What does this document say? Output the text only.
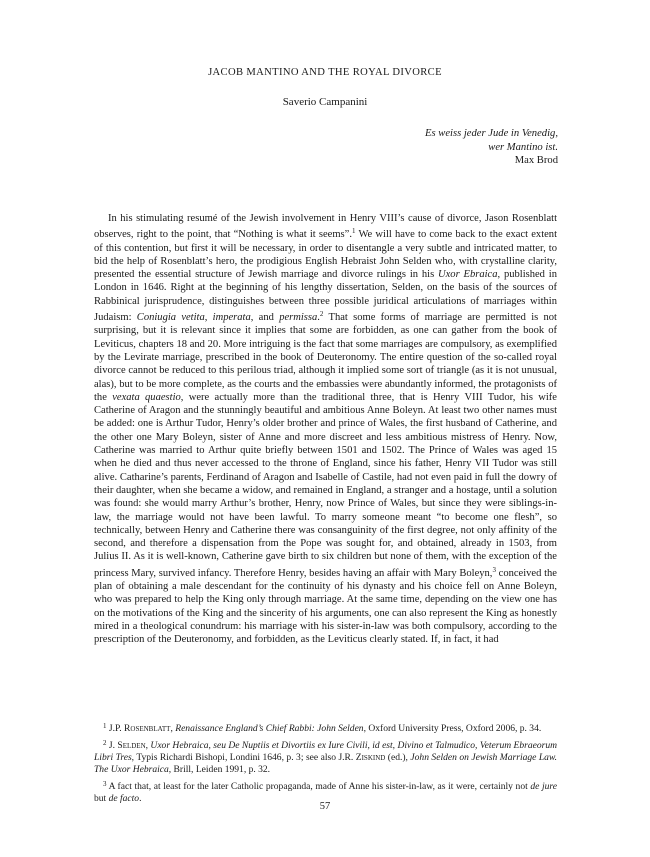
JACOB MANTINO AND THE ROYAL DIVORCE
Saverio Campanini
Es weiss jeder Jude in Venedig,
wer Mantino ist.
Max Brod

In his stimulating resumé of the Jewish involvement in Henry VIII’s cause of divorce, Jason Rosenblatt observes, right to the point, that “Nothing is what it seems”.$^1$ We will have to come back to the exact extent of this contention, but first it will be necessary, in order to disentangle a very subtle and intricated matter, to bid the help of Rosenblatt’s hero, the prodigious English Hebraist John Selden who, with crystalline clarity, presented the essential structure of Jewish marriage and divorce rulings in his Uxor Ebraica, published in London in 1646. Right at the beginning of his lengthy dissertation, Selden, on the basis of the sources of Rabbinical jurisprudence, distinguishes between three possible juridical articulations of marriages within Judaism: Coniugia vetita, imperata, and permissa.$^2$ That some forms of marriage are permitted is not surprising, but it is relevant since it implies that some are forbidden, as one can gather from the book of Leviticus, chapters 18 and 20. More intriguing is the fact that some marriages are compulsory, as exemplified by the Levirate marriage, prescribed in the book of Deuteronomy. The entire question of the so-called royal divorce cannot be reduced to this perilous triad, although it implied some sort of triangle (as it is not unusual, alas), but to be more complete, as the courts and the embassies were abundantly informed, the protagonists of the vexata quaestio, were actually more than the traditional three, that is Henry VIII Tudor, his wife Catherine of Aragon and the stunningly beautiful and ambitious Anne Boleyn. At least two other names must be added: one is Arthur Tudor, Henry’s older brother and prince of Wales, the first husband of Catherine, and the other one Mary Boleyn, sister of Anne and more discreet and less ambitious mistress of Henry. Now, Catherine was married to Arthur quite briefly between 1501 and 1502. The Prince of Wales was aged 15 when he died and thus never accessed to the throne of England, since his father, Henry VII Tudor was still alive. Catharine’s parents, Ferdinand of Aragon and Isabelle of Castile, had not even paid in full the dowry of their daughter, when she became a widow, and remained in England, a stranger and a hostage, until a solution was found: she would marry Arthur’s brother, Henry, now Prince of Wales, but since they were siblings-in-law, the marriage would not have been lawful. To marry someone meant “to become one flesh”, so technically, between Henry and Catherine there was consanguinity of the first degree, not only affinity of the second, and therefore a dispensation from the Pope was sought for, and obtained, already in 1503, from Julius II. As it is well-known, Catherine gave birth to six children but none of them, with the exception of the princess Mary, survived infancy. Therefore Henry, besides having an affair with Mary Boleyn,$^3$ conceived the plan of obtaining a male descendant for the continuity of his dynasty and his choice fell on Anne Boleyn, who was prepared to help the King only through marriage. At the same time, depending on the view one has on the motivations of the King and the sincerity of his arguments, one can also represent the King as honestly mired in a theological conundrum: his marriage with his sister-in-law was both compulsory, according to the prescription of the Deuteronomy, and forbidden, as the Leviticus clearly stated. If, in fact, it had

$^1$ J.P. Rosenblatt, Renaissance England’s Chief Rabbi: John Selden, Oxford University Press, Oxford 2006, p. 34.

$^2$ J. Selden, Uxor Hebraica, seu De Nuptiis et Divortiis ex Iure Civili, id est, Divino et Talmudico, Veterum Ebraeorum Libri Tres, Typis Richardi Bishopi, Londini 1646, p. 3; see also J.R. Ziskind (ed.), John Selden on Jewish Marriage Law. The Uxor Hebraica, Brill, Leiden 1991, p. 32.

$^3$ A fact that, at least for the later Catholic propaganda, made of Anne his sister-in-law, as it were, certainly not de jure but de facto.

57
